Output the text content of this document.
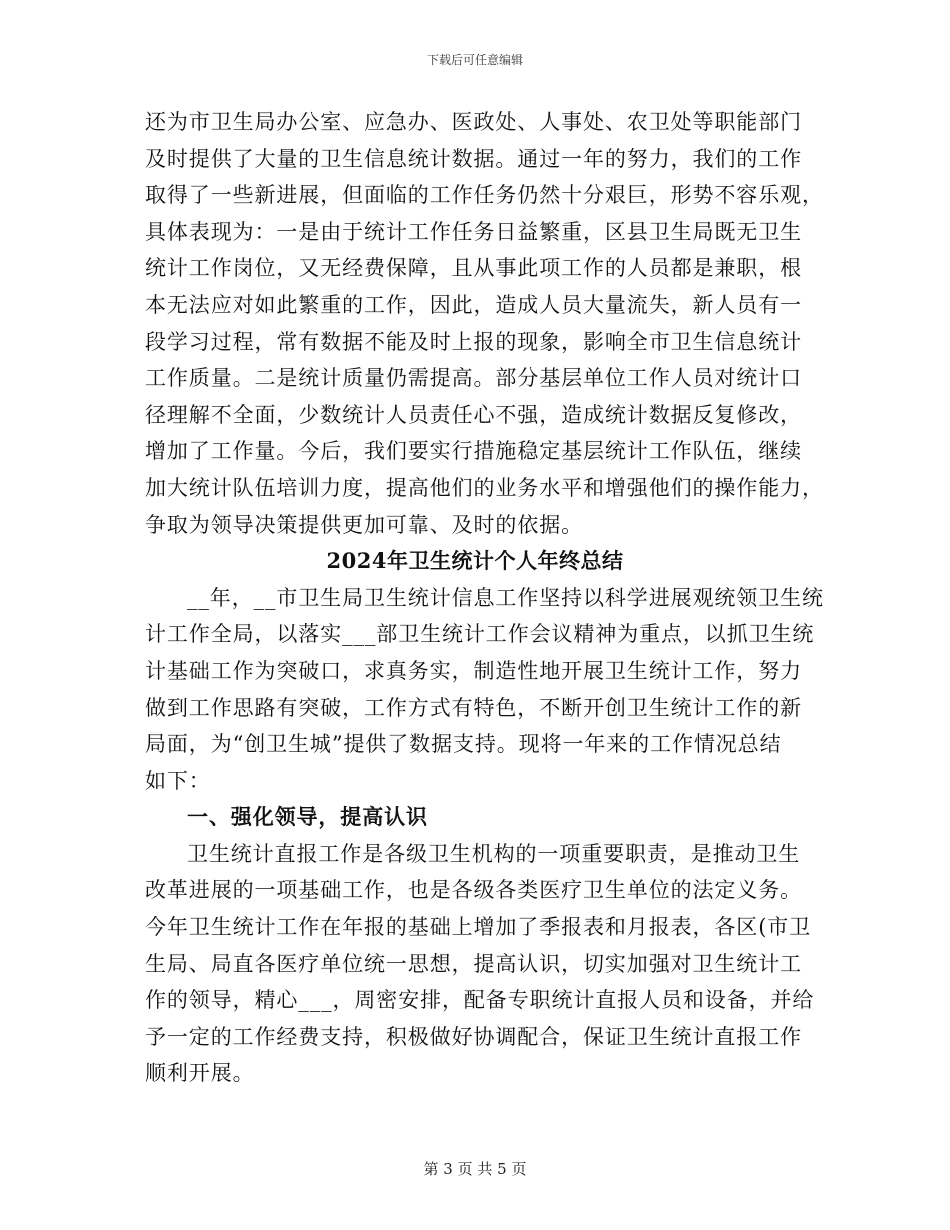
下载后可任意编辑
还为市卫生局办公室、应急办、医政处、人事处、农卫处等职能部门
及时提供了大量的卫生信息统计数据。通过一年的努力，我们的工作
取得了一些新进展，但面临的工作任务仍然十分艰巨，形势不容乐观，
具体表现为：一是由于统计工作任务日益繁重，区县卫生局既无卫生
统计工作岗位，又无经费保障，且从事此项工作的人员都是兼职，根
本无法应对如此繁重的工作，因此，造成人员大量流失，新人员有一
段学习过程，常有数据不能及时上报的现象，影响全市卫生信息统计
工作质量。二是统计质量仍需提高。部分基层单位工作人员对统计口
径理解不全面，少数统计人员责任心不强，造成统计数据反复修改，
增加了工作量。今后，我们要实行措施稳定基层统计工作队伍，继续
加大统计队伍培训力度，提高他们的业务水平和增强他们的操作能力，
争取为领导决策提供更加可靠、及时的依据。
2024年卫生统计个人年终总结
__年，__市卫生局卫生统计信息工作坚持以科学进展观统领卫生统
计工作全局，以落实___部卫生统计工作会议精神为重点，以抓卫生统
计基础工作为突破口，求真务实，制造性地开展卫生统计工作，努力
做到工作思路有突破，工作方式有特色，不断开创卫生统计工作的新
局面，为“创卫生城”提供了数据支持。现将一年来的工作情况总结
如下：
一、强化领导，提高认识
卫生统计直报工作是各级卫生机构的一项重要职责，是推动卫生
改革进展的一项基础工作，也是各级各类医疗卫生单位的法定义务。
今年卫生统计工作在年报的基础上增加了季报表和月报表，各区(市卫
生局、局直各医疗单位统一思想，提高认识，切实加强对卫生统计工
作的领导，精心___，周密安排，配备专职统计直报人员和设备，并给
予一定的工作经费支持，积极做好协调配合，保证卫生统计直报工作
顺利开展。
第 3 页 共 5 页
